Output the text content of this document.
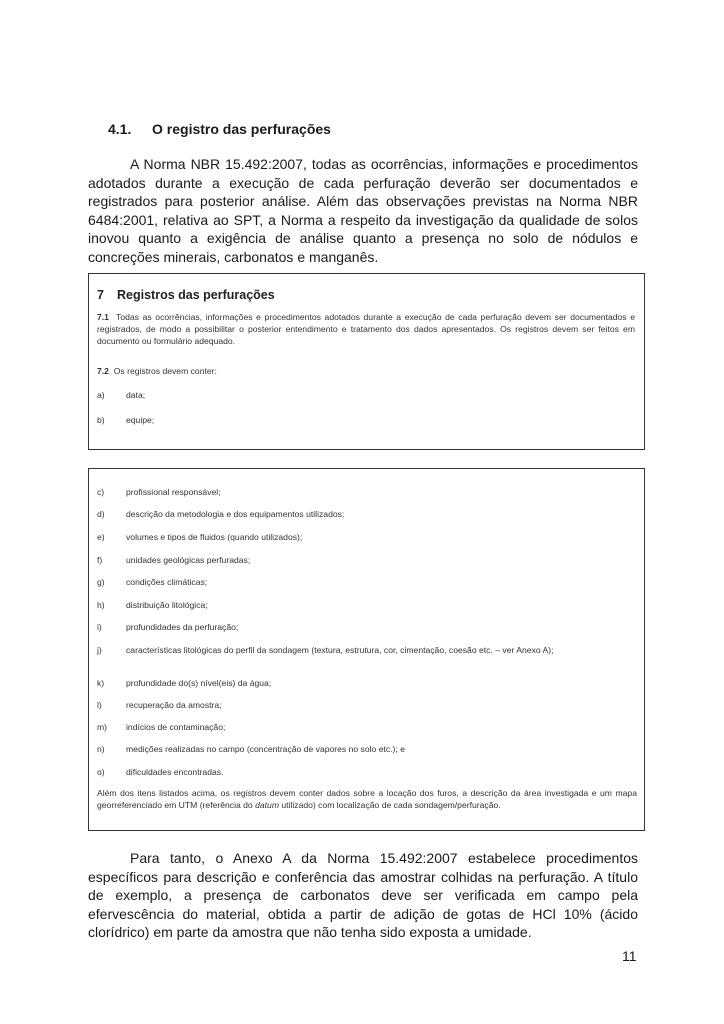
4.1. O registro das perfurações
A Norma NBR 15.492:2007, todas as ocorrências, informações e procedimentos adotados durante a execução de cada perfuração deverão ser documentados e registrados para posterior análise. Além das observações previstas na Norma NBR 6484:2001, relativa ao SPT, a Norma a respeito da investigação da qualidade de solos inovou quanto a exigência de análise quanto a presença no solo de nódulos e concreções minerais, carbonatos e manganês.
7 Registros das perfurações
7.1 Todas as ocorrências, informações e procedimentos adotados durante a execução de cada perfuração devem ser documentados e registrados, de modo a possibilitar o posterior entendimento e tratamento dos dados apresentados. Os registros devem ser feitos em documento ou formulário adequado.
7.2 Os registros devem conter:
a)	data;
b)	equipe;
c)	profissional responsável;
d)	descrição da metodologia e dos equipamentos utilizados;
e)	volumes e tipos de fluidos (quando utilizados);
f)	unidades geológicas perfuradas;
g)	condições climáticas;
h)	distribuição litológica;
i)	profundidades da perfuração;
j)	características litológicas do perfil da sondagem (textura, estrutura, cor, cimentação, coesão etc. – ver Anexo A);
k)	profundidade do(s) nível(eis) da água;
l)	recuperação da amostra;
m)	indícios de contaminação;
n)	medições realizadas no campo (concentração de vapores no solo etc.); e
o)	dificuldades encontradas.
Além dos itens listados acima, os registros devem conter dados sobre a locação dos furos, a descrição da área investigada e um mapa georreferenciado em UTM (referência do datum utilizado) com localização de cada sondagem/perfuração.
Para tanto, o Anexo A da Norma 15.492:2007 estabelece procedimentos específicos para descrição e conferência das amostrar colhidas na perfuração. A título de exemplo, a presença de carbonatos deve ser verificada em campo pela efervescência do material, obtida a partir de adição de gotas de HCl 10% (ácido clorídrico) em parte da amostra que não tenha sido exposta a umidade.
11
